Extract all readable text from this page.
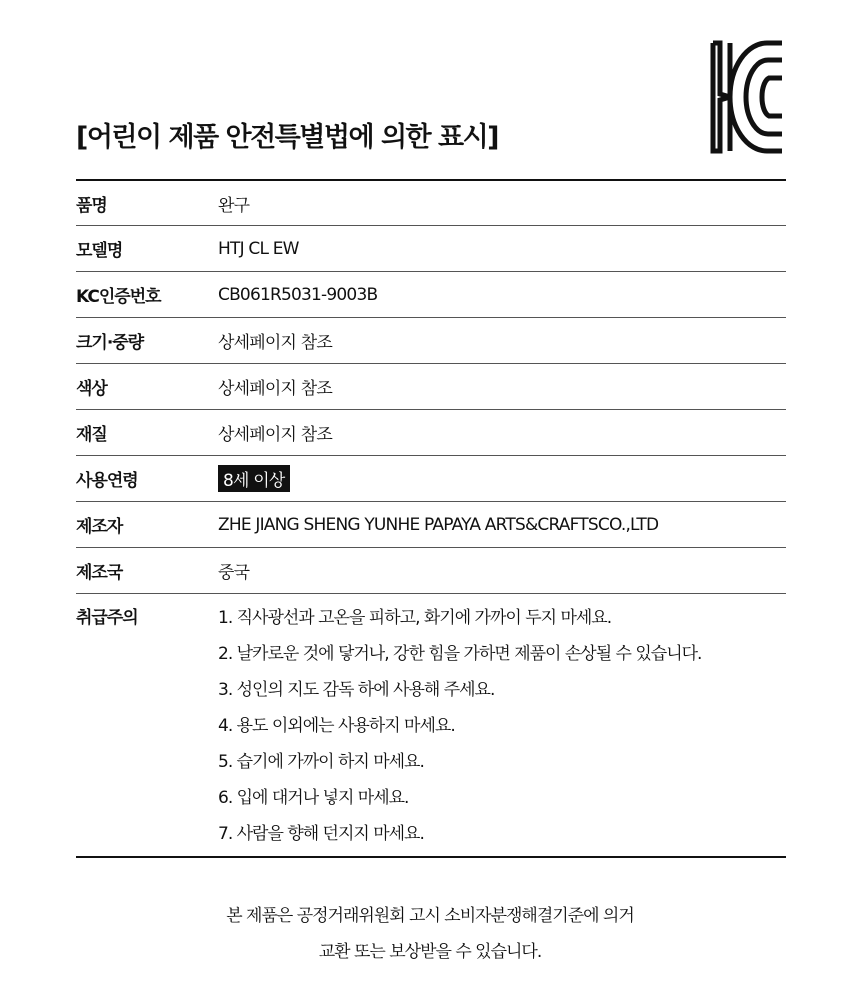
[어린이 제품 안전특별법에 의한 표시]
품명	완구
모델명	HTJ CL EW
KC인증번호	CB061R5031-9003B
크기·중량	상세페이지 참조
색상	상세페이지 참조
재질	상세페이지 참조
사용연령	8세 이상
제조자	ZHE JIANG SHENG YUNHE PAPAYA ARTS&CRAFTSCO.,LTD
제조국	중국
취급주의	1. 직사광선과 고온을 피하고, 화기에 가까이 두지 마세요.
2. 날카로운 것에 닿거나, 강한 힘을 가하면 제품이 손상될 수 있습니다.
3. 성인의 지도 감독 하에 사용해 주세요.
4. 용도 이외에는 사용하지 마세요.
5. 습기에 가까이 하지 마세요.
6. 입에 대거나 넣지 마세요.
7. 사람을 향해 던지지 마세요.
본 제품은 공정거래위원회 고시 소비자분쟁해결기준에 의거
교환 또는 보상받을 수 있습니다.
